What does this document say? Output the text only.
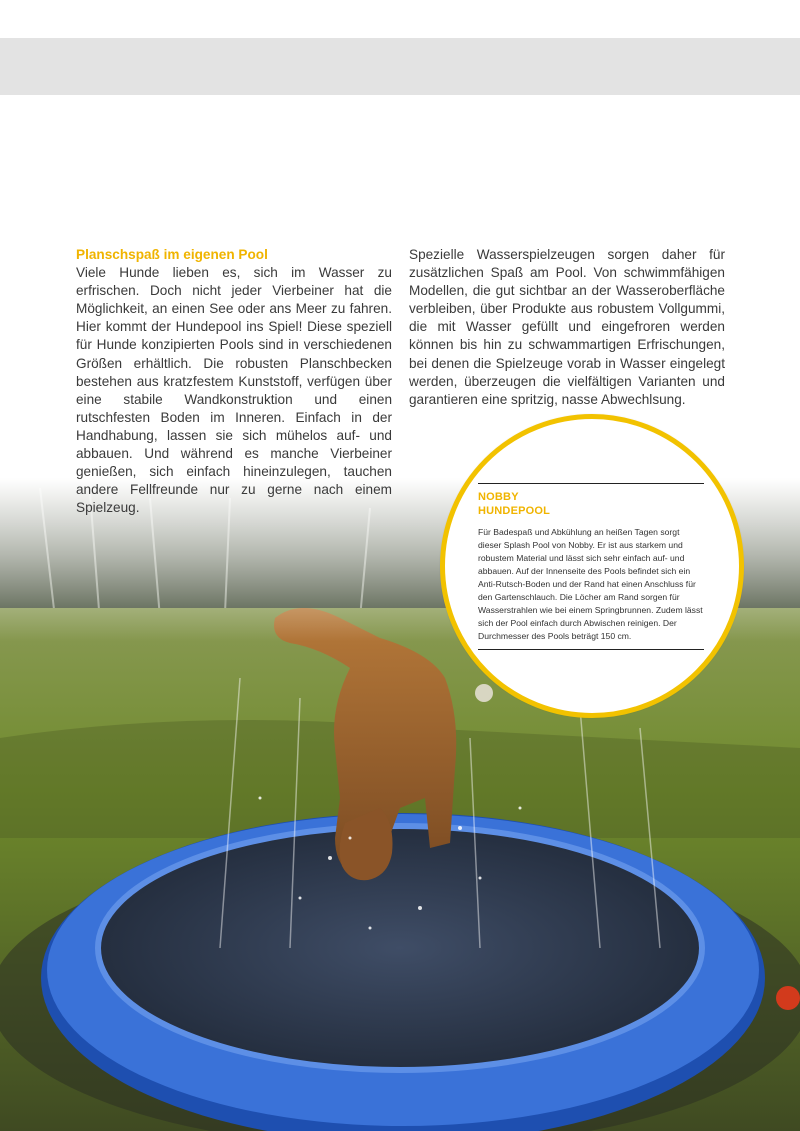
Planschspaß im eigenen Pool
Viele Hunde lieben es, sich im Wasser zu erfrischen. Doch nicht jeder Vierbeiner hat die Möglichkeit, an einen See oder ans Meer zu fahren. Hier kommt der Hundepool ins Spiel! Diese speziell für Hunde konzipierten Pools sind in verschiedenen Größen erhältlich. Die robusten Planschbecken bestehen aus kratzfestem Kunststoff, verfügen über eine stabile Wandkonstruktion und einen rutschfesten Boden im Inneren. Einfach in der Handhabung, lassen sie sich mühelos auf- und abbauen. Und während es manche Vierbeiner genießen, sich einfach hineinzulegen, tauchen andere Fellfreunde nur zu gerne nach einem Spielzeug.
Spezielle Wasserspielzeugen sorgen daher für zusätzlichen Spaß am Pool. Von schwimmfähigen Modellen, die gut sichtbar an der Wasseroberfläche verbleiben, über Produkte aus robustem Vollgummi, die mit Wasser gefüllt und eingefroren werden können bis hin zu schwammartigen Erfrischungen, bei denen die Spielzeuge vorab in Wasser eingelegt werden, überzeugen die vielfältigen Varianten und garantieren eine spritzig, nasse Abwechlsung.
NOBBY
HUNDEPOOL
Für Badespaß und Abkühlung an heißen Tagen sorgt dieser Splash Pool von Nobby. Er ist aus starkem und robustem Material und lässt sich sehr einfach auf- und abbauen. Auf der Innenseite des Pools befindet sich ein Anti-Rutsch-Boden und der Rand hat einen Anschluss für den Gartenschlauch. Die Löcher am Rand sorgen für Wasserstrahlen wie bei einem Springbrunnen. Zudem lässt sich der Pool einfach durch Abwischen reinigen. Der Durchmesser des Pools beträgt 150 cm.
